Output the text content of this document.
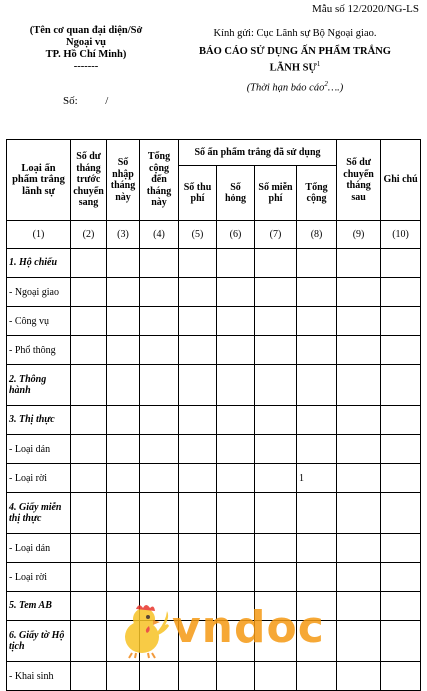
Mẫu số 12/2020/NG-LS
(Tên cơ quan đại diện/Sở
Ngoại vụ
TP. Hồ Chí Minh)
-------
Số:	/
Kính gửi: Cục Lãnh sự Bộ Ngoại giao.
BÁO CÁO SỬ DỤNG ẤN PHẨM TRẮNG
LÃNH SỰ$^1$
(Thời hạn báo cáo$^2$….)
Loại ấn phẩm trắng lãnh sự	Số dư tháng trước chuyển sang	Số nhập tháng này	Tổng cộng đến tháng này	Số ấn phẩm trắng đã sử dụng				Số dư chuyển tháng sau	Ghi chú
				Số thu phí	Số hỏng	Số miễn phí	Tổng cộng		
(1)	(2)	(3)	(4)	(5)	(6)	(7)	(8)	(9)	(10)
1. Hộ chiếu									
- Ngoại giao									
- Công vụ									
- Phổ thông									
2. Thông hành									
3. Thị thực									
- Loại dán									
- Loại rời							1		
4. Giấy miễn thị thực									
- Loại dán									
- Loại rời									
5. Tem AB									
6. Giấy tờ Hộ tịch									
- Khai sinh									
vndoc
